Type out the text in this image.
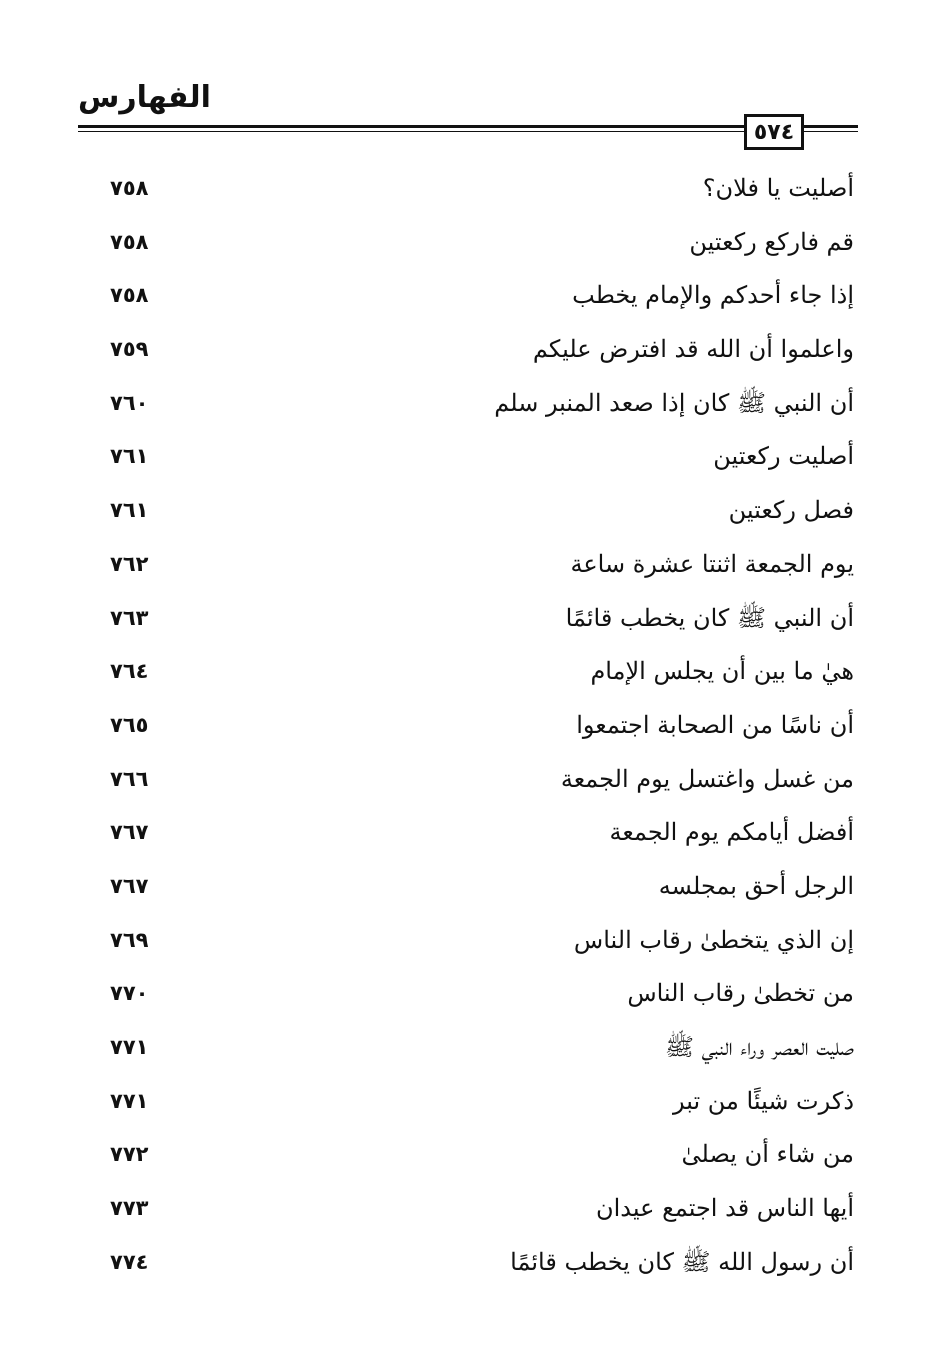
الفهارس
٥٧٤
أصليت يا فلان؟
٧٥٨
قم فاركع ركعتين
٧٥٨
إذا جاء أحدكم والإمام يخطب
٧٥٨
واعلموا أن الله قد افترض عليكم
٧٥٩
أن النبي ﷺ كان إذا صعد المنبر سلم
٧٦٠
أصليت ركعتين
٧٦١
فصل ركعتين
٧٦١
يوم الجمعة اثنتا عشرة ساعة
٧٦٢
أن النبي ﷺ كان يخطب قائمًا
٧٦٣
هيٰ ما بين أن يجلس الإمام
٧٦٤
أن ناسًا من الصحابة اجتمعوا
٧٦٥
من غسل واغتسل يوم الجمعة
٧٦٦
أفضل أيامكم يوم الجمعة
٧٦٧
الرجل أحق بمجلسه
٧٦٧
إن الذي يتخطىٰ رقاب الناس
٧٦٩
من تخطىٰ رقاب الناس
٧٧٠
صليت العصر وراء النبي ﷺ
٧٧١
ذكرت شيئًا من تبر
٧٧١
من شاء أن يصلىٰ
٧٧٢
أيها الناس قد اجتمع عيدان
٧٧٣
أن رسول الله ﷺ كان يخطب قائمًا
٧٧٤
